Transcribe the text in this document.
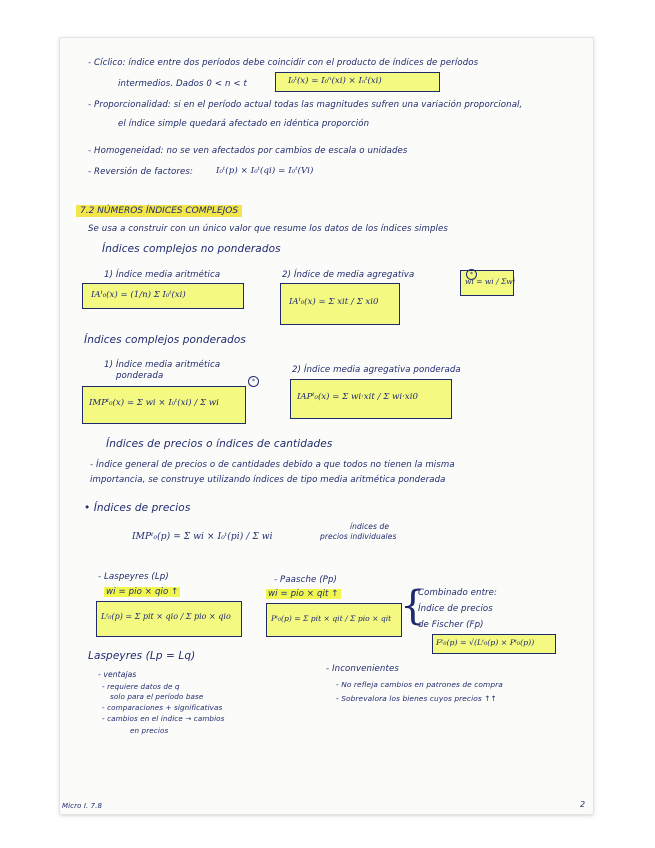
- Cíclico: índice entre dos períodos debe coincidir con el producto de índices de períodos
intermedios. Dados 0 < n < t	I₀ᵗ(x) = I₀ⁿ(xi) × Iₙᵗ(xi)
- Proporcionalidad: si en el período actual todas las magnitudes sufren una variación proporcional,
el índice simple quedará afectado en idéntica proporción
- Homogeneidad: no se ven afectados por cambios de escala o unidades
- Reversión de factores:	I₀ᵗ(p) × I₀ᵗ(qi) = I₀ᵗ(Vi)
7.2 NÚMEROS ÍNDICES COMPLEJOS
Se usa a construir con un único valor que resume los datos de los índices simples
Índices complejos no ponderados
1) Índice media aritmética
IAᵗ₀(x) = (1/n) Σ I₀ᵗ(xi)
2) Índice de media agregativa
IAᵗ₀(x) = Σ xit / Σ xi0
wi = wi / Σwi
*
Índices complejos ponderados
1) Índice media aritmética
ponderada
IMPᵗ₀(x) = Σ wi × I₀ᵗ(xi) / Σ wi
*
2) Índice media agregativa ponderada
IAPᵗ₀(x) = Σ wi·xit / Σ wi·xi0
Índices de precios o índices de cantidades
- Índice general de precios o de cantidades debido a que todos no tienen la misma
importancia, se construye utilizando índices de tipo media aritmética ponderada
• Índices de precios
IMPᵗ₀(p) = Σ wi × I₀ᵗ(pi) / Σ wi
índices de
precios individuales
- Laspeyres (Lp)
wi = pio × qio ↑
Lᵗ₀(p) = Σ pit × qio / Σ pio × qio
- Paasche (Pp)
wi = pio × qit ↑
Pᵗ₀(p) = Σ pit × qit / Σ pio × qit {
Combinado entre:
Índice de precios
de Fischer (Fp)
Fᵗ₀(p) = √(Lᵗ₀(p) × Pᵗ₀(p))
Laspeyres (Lp = Lq)
- ventajas
- requiere datos de q
solo para el período base
- comparaciones + significativas
- cambios en el índice → cambios
en precios
- Inconvenientes
- No refleja cambios en patrones de compra
- Sobrevalora los bienes cuyos precios ↑↑
Micro I. 7.8	2
